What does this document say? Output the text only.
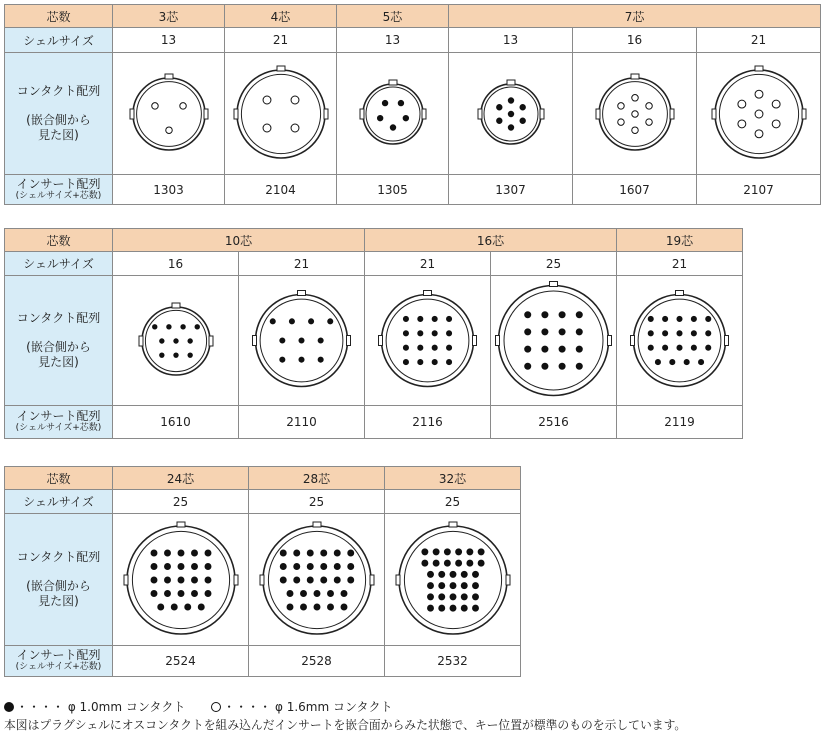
芯数	3芯	4芯	5芯	7芯		
シェルサイズ	13	21	13	13	16	21

コンタクト配列
(嵌合側から
見た図)	

インサート配列
(シェルサイズ+芯数)	1303	2104	1305	1307	1607	2107
芯数	10芯		16芯		19芯
シェルサイズ	16	21	21	25	21

コンタクト配列
(嵌合側から
見た図)	

インサート配列
(シェルサイズ+芯数)	1610	2110	2116	2516	2119
芯数	24芯	28芯	32芯
シェルサイズ	25	25	25

コンタクト配列
(嵌合側から
見た図)	

インサート配列
(シェルサイズ+芯数)	2524	2528	2532
・・・・ φ 1.0mm コンタクト	・・・・ φ 1.6mm コンタクト
本図はプラグシェルにオスコンタクトを組み込んだインサートを嵌合面からみた状態で、キー位置が標準のものを示しています。
